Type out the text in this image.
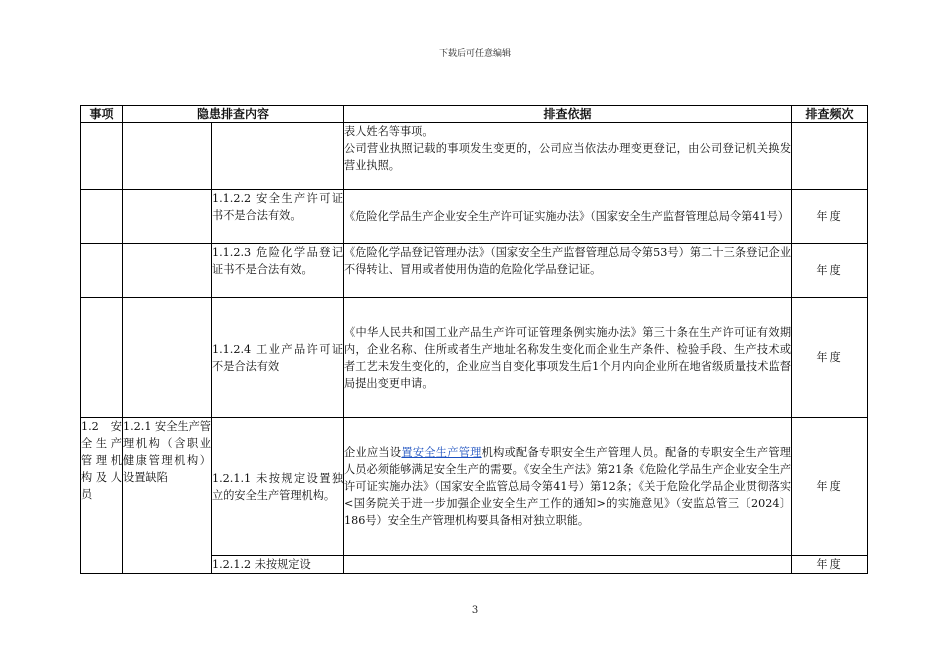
下载后可任意编辑
事项	隐患排查内容		排查依据	排查频次

			表人姓名等事项。
公司营业执照记载的事项发生变更的，公司应当依法办理变更登记，由公司登记机关换发营业执照。	

		1.1.2.2 安全生产许可证书不是合法有效。	《危险化学品生产企业安全生产许可证实施办法》（国家安全生产监督管理总局令第41号）	年度
		1.1.2.3 危险化学品登记证书不是合法有效。	《危险化学品登记管理办法》（国家安全生产监督管理总局令第53号）第二十三条登记企业不得转让、冒用或者使用伪造的危险化学品登记证。	年度
		1.1.2.4 工业产品许可证不是合法有效	《中华人民共和国工业产品生产许可证管理条例实施办法》第三十条在生产许可证有效期内，企业名称、住所或者生产地址名称发生变化而企业生产条件、检验手段、生产技术或者工艺未发生变化的，企业应当自变化事项发生后1个月内向企业所在地省级质量技术监督局提出变更申请。	年度
1.2 安全生产管理机构及人员	1.2.1 安全生产管理机构（含职业健康管理机构）设置缺陷	1.2.1.1 未按规定设置独立的安全生产管理机构。	企业应当设置安全生产管理机构或配备专职安全生产管理人员。配备的专职安全生产管理人员必须能够满足安全生产的需要。《安全生产法》第21条《危险化学品生产企业安全生产许可证实施办法》（国家安全监管总局令第41号）第12条；《关于危险化学品企业贯彻落实<国务院关于进一步加强企业安全生产工作的通知>的实施意见》（安监总管三〔2024〕186号）安全生产管理机构要具备相对独立职能。	年度
		1.2.1.2 未按规定设		年度
3
